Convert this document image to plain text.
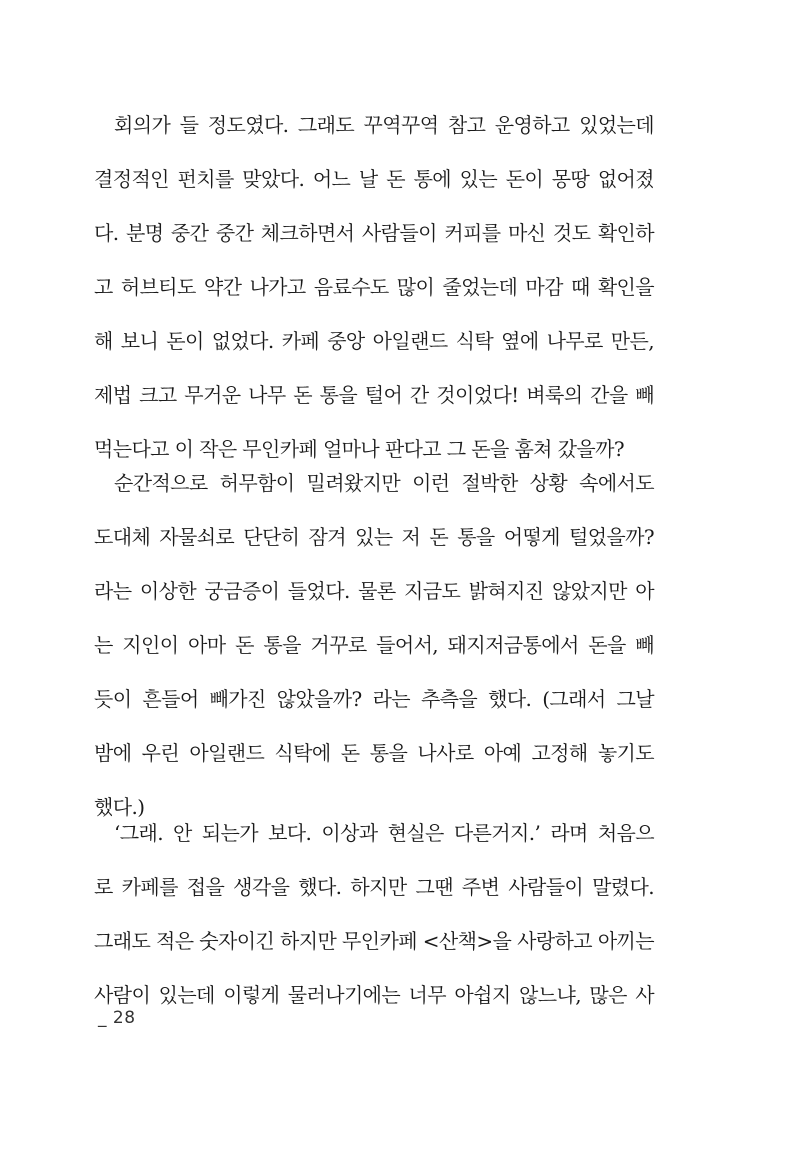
회의가 들 정도였다. 그래도 꾸역꾸역 참고 운영하고 있었는데
결정적인 펀치를 맞았다. 어느 날 돈 통에 있는 돈이 몽땅 없어졌
다. 분명 중간 중간 체크하면서 사람들이 커피를 마신 것도 확인하
고 허브티도 약간 나가고 음료수도 많이 줄었는데 마감 때 확인을
해 보니 돈이 없었다. 카페 중앙 아일랜드 식탁 옆에 나무로 만든,
제법 크고 무거운 나무 돈 통을 털어 간 것이었다! 벼룩의 간을 빼
먹는다고 이 작은 무인카페 얼마나 판다고 그 돈을 훔쳐 갔을까?
순간적으로 허무함이 밀려왔지만 이런 절박한 상황 속에서도
도대체 자물쇠로 단단히 잠겨 있는 저 돈 통을 어떻게 털었을까?
라는 이상한 궁금증이 들었다. 물론 지금도 밝혀지진 않았지만 아
는 지인이 아마 돈 통을 거꾸로 들어서, 돼지저금통에서 돈을 빼
듯이 흔들어 빼가진 않았을까? 라는 추측을 했다. (그래서 그날
밤에 우린 아일랜드 식탁에 돈 통을 나사로 아예 고정해 놓기도
했다.)
‘그래. 안 되는가 보다. 이상과 현실은 다른거지.’ 라며 처음으
로 카페를 접을 생각을 했다. 하지만 그땐 주변 사람들이 말렸다.
그래도 적은 숫자이긴 하지만 무인카페 <산책>을 사랑하고 아끼는
사람이 있는데 이렇게 물러나기에는 너무 아쉽지 않느냐, 많은 사
_ 28
